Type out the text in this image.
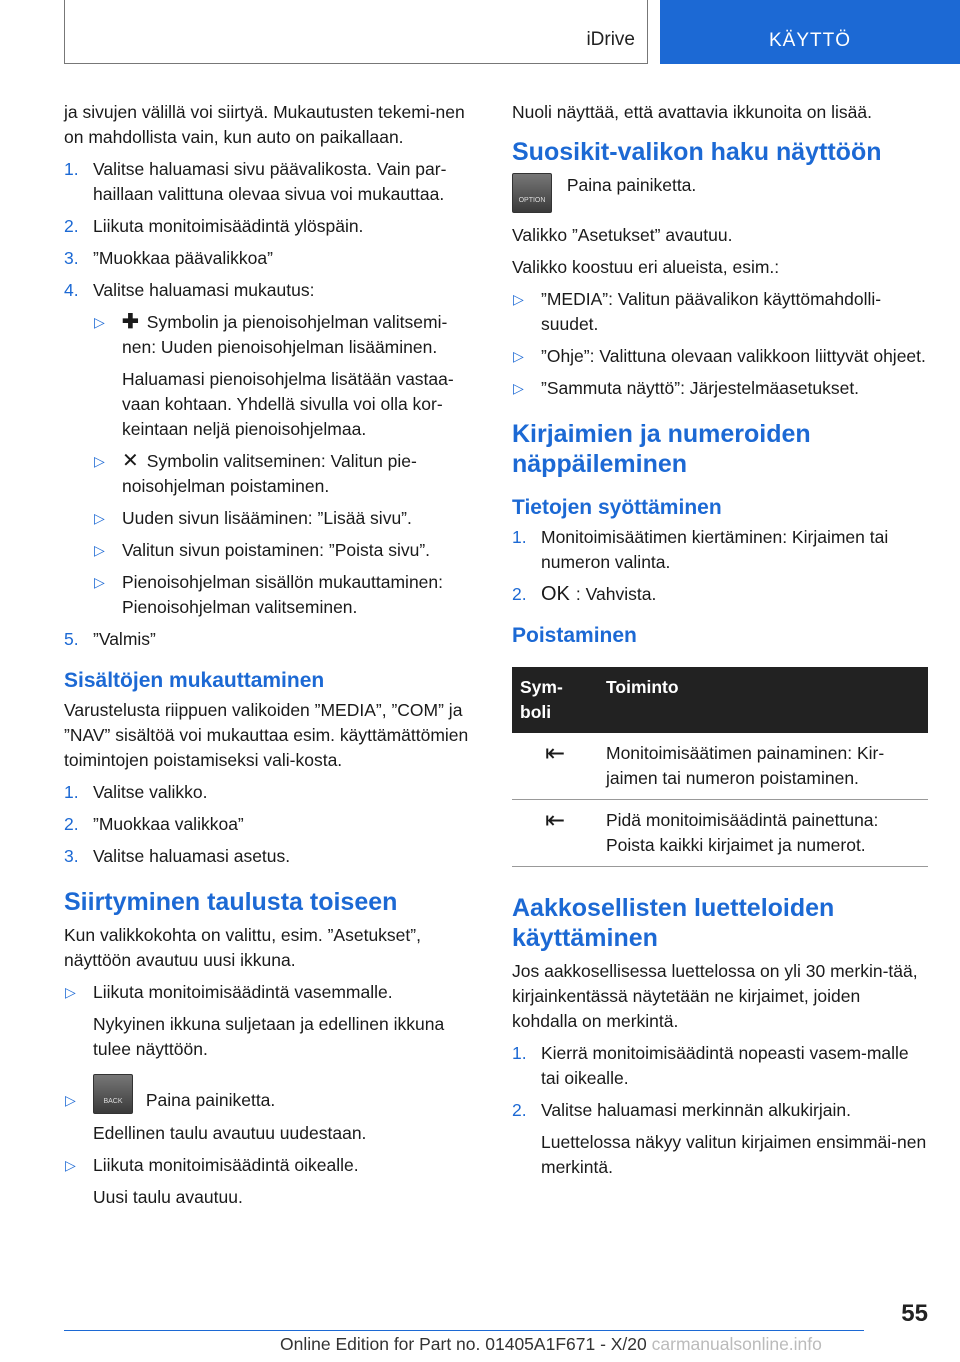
iDrive	KÄYTTÖ

ja sivujen välillä voi siirtyä. Mukautusten tekemi-nen on mahdollista vain, kun auto on paikallaan.

1. Valitse haluamasi sivu päävalikosta. Vain par-haillaan valittuna olevaa sivua voi mukauttaa.
2. Liikuta monitoimisäädintä ylöspäin.
3. ”Muokkaa päävalikkoa”
4. Valitse haluamasi mukautus:
▷ ✚ Symbolin ja pienoisohjelman valitsemi-nen: Uuden pienoisohjelman lisääminen.

Haluamasi pienoisohjelma lisätään vastaa-vaan kohtaan. Yhdellä sivulla voi olla kor-keintaan neljä pienoisohjelmaa.

▷ ✕ Symbolin valitseminen: Valitun pie-noisohjelman poistaminen.
▷ Uuden sivun lisääminen: ”Lisää sivu”.
▷ Valitun sivun poistaminen: ”Poista sivu”.
▷ Pienoisohjelman sisällön mukauttaminen: Pienoisohjelman valitseminen.
5. ”Valmis”
Sisältöjen mukauttaminen

Varustelusta riippuen valikoiden ”MEDIA”, ”COM” ja ”NAV” sisältöä voi mukauttaa esim. käyttämättömien toimintojen poistamiseksi vali-kosta.

1. Valitse valikko.
2. ”Muokkaa valikkoa”
3. Valitse haluamasi asetus.
Siirtyminen taulusta toiseen

Kun valikkokohta on valittu, esim. ”Asetukset”, näyttöön avautuu uusi ikkuna.

▷ Liikuta monitoimisäädintä vasemmalle.

Nykyinen ikkuna suljetaan ja edellinen ikkuna tulee näyttöön.

▷	BACK	Paina painiketta.

Edellinen taulu avautuu uudestaan.

▷ Liikuta monitoimisäädintä oikealle.

Uusi taulu avautuu.

Nuoli näyttää, että avattavia ikkunoita on lisää.

Suosikit-valikon haku näyttöön
OPTION
Paina painiketta.

Valikko ”Asetukset” avautuu.

Valikko koostuu eri alueista, esim.:

▷ ”MEDIA”: Valitun päävalikon käyttömahdolli-suudet.
▷ ”Ohje”: Valittuna olevaan valikkoon liittyvät ohjeet.
▷ ”Sammuta näyttö”: Järjestelmäasetukset.
Kirjaimien ja numeroiden näppäileminen
Tietojen syöttäminen
1. Monitoimisäätimen kiertäminen: Kirjaimen tai numeron valinta.
2. OK : Vahvista.
Poistaminen
Sym-boli	Toiminto
⇤	Monitoimisäätimen painaminen: Kir-jaimen tai numeron poistaminen.
⇤	Pidä monitoimisäädintä painettuna: Poista kaikki kirjaimet ja numerot.
Aakkosellisten luetteloiden käyttäminen

Jos aakkosellisessa luettelossa on yli 30 merkin-tää, kirjainkentässä näytetään ne kirjaimet, joiden kohdalla on merkintä.

1. Kierrä monitoimisäädintä nopeasti vasem-malle tai oikealle.
2. Valitse haluamasi merkinnän alkukirjain.

Luettelossa näkyy valitun kirjaimen ensimmäi-nen merkintä.

55
Online Edition for Part no. 01405A1F671 - X/20 carmanualsonline.info
